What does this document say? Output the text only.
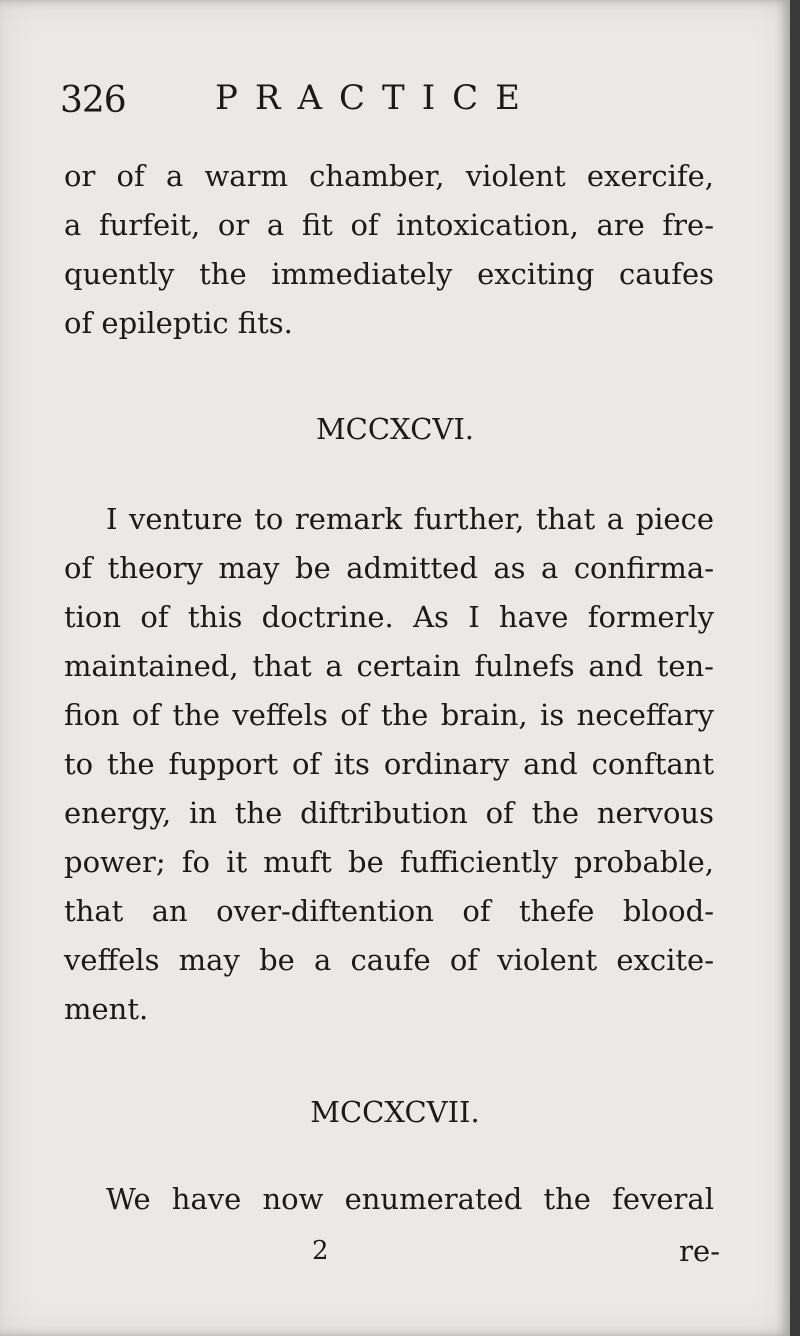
326	PRACTICE
or of a warm chamber, violent exercife,
a furfeit, or a fit of intoxication, are fre-
quently the immediately exciting caufes
of epileptic fits.
MCCXCVI.
I venture to remark further, that a piece
of theory may be admitted as a confirma-
tion of this doctrine. As I have formerly
maintained, that a certain fulnefs and ten-
fion of the veffels of the brain, is neceffary
to the fupport of its ordinary and conftant
energy, in the diftribution of the nervous
power; fo it muft be fufficiently probable,
that an over-diftention of thefe blood-
veffels may be a caufe of violent excite-
ment.
MCCXCVII.
We have now enumerated the feveral
2	re-
